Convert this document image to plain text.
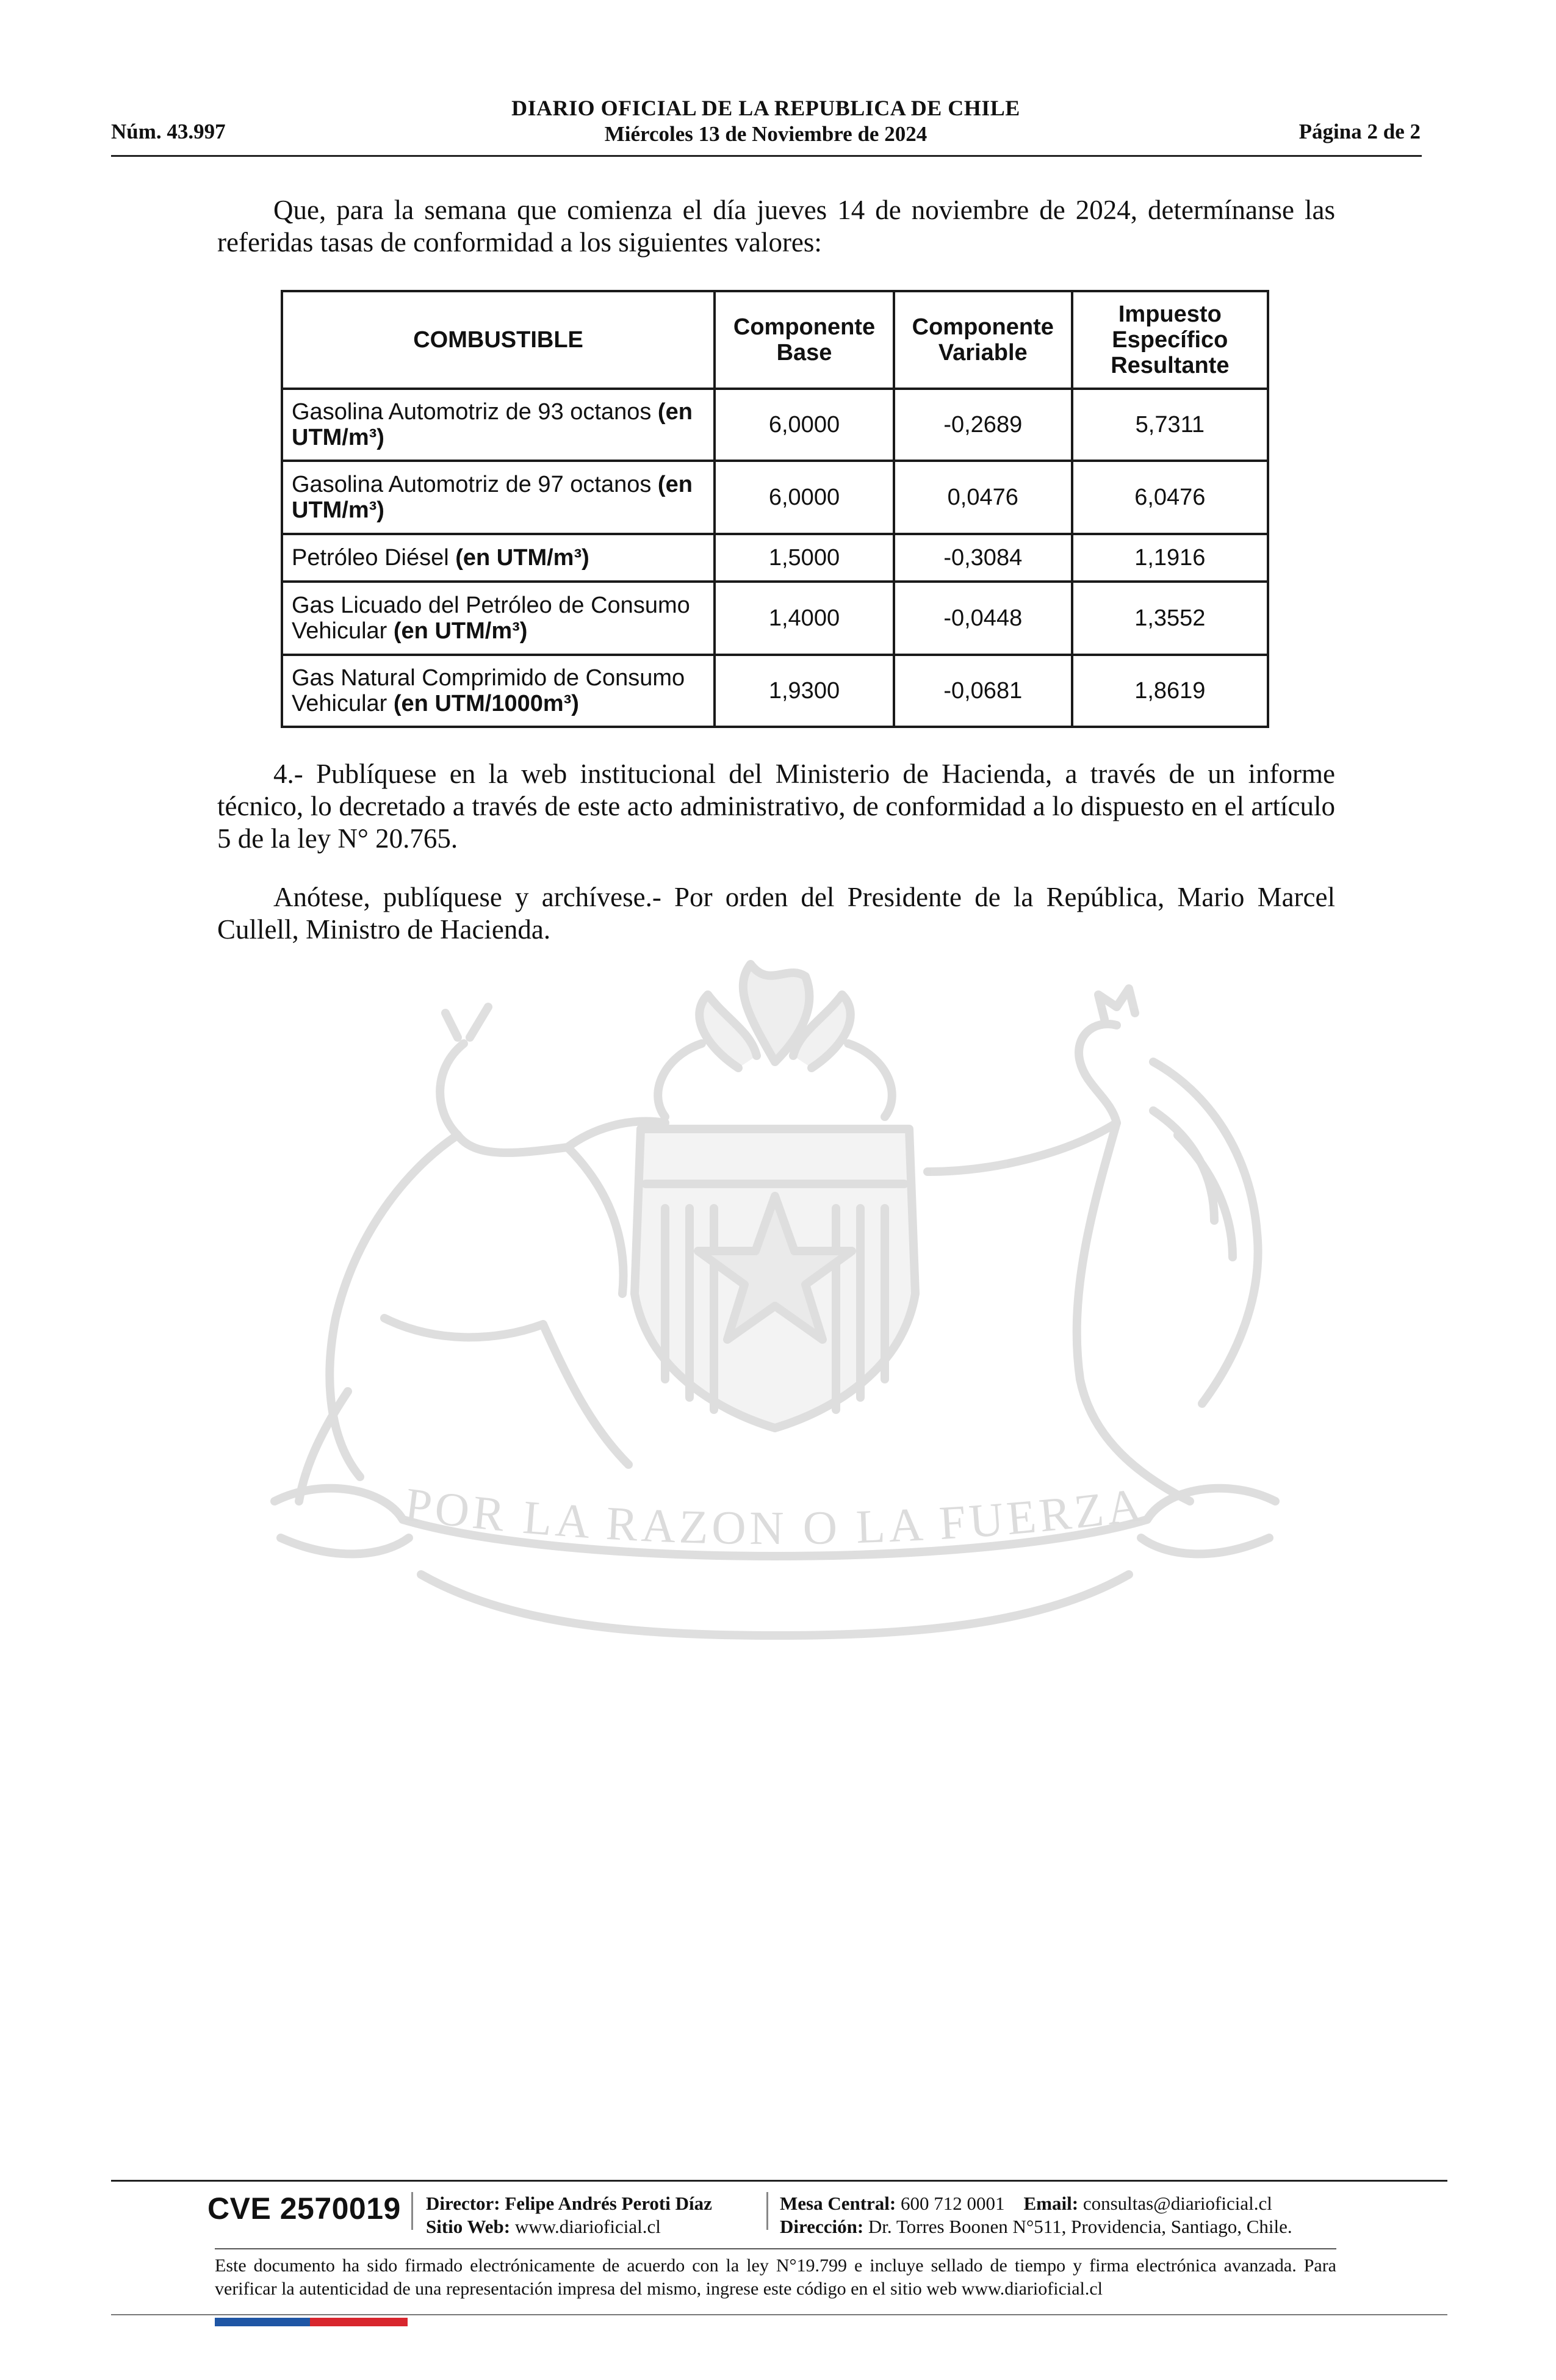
Núm. 43.997
DIARIO OFICIAL DE LA REPUBLICA DE CHILE
Miércoles 13 de Noviembre de 2024	Página 2 de 2

Que, para la semana que comienza el día jueves 14 de noviembre de 2024, determínanse las referidas tasas de conformidad a los siguientes valores:

COMBUSTIBLE	Componente Base	Componente Variable	Impuesto Específico Resultante
Gasolina Automotriz de 93 octanos (en UTM/m³)	6,0000	-0,2689	5,7311
Gasolina Automotriz de 97 octanos (en UTM/m³)	6,0000	0,0476	6,0476
Petróleo Diésel (en UTM/m³)	1,5000	-0,3084	1,1916
Gas Licuado del Petróleo de Consumo Vehicular (en UTM/m³)	1,4000	-0,0448	1,3552
Gas Natural Comprimido de Consumo Vehicular (en UTM/1000m³)	1,9300	-0,0681	1,8619

4.- Publíquese en la web institucional del Ministerio de Hacienda, a través de un informe técnico, lo decretado a través de este acto administrativo, de conformidad a lo dispuesto en el artículo 5 de la ley N° 20.765.

Anótese, publíquese y archívese.- Por orden del Presidente de la República, Mario Marcel Cullell, Ministro de Hacienda.

POR LA RAZON O LA FUERZA
CVE 2570019 Director: Felipe Andrés Peroti Díaz
Sitio Web: www.diarioficial.cl
Mesa Central: 600 712 0001 Email: consultas@diarioficial.cl
Dirección: Dr. Torres Boonen N°511, Providencia, Santiago, Chile.

Este documento ha sido firmado electrónicamente de acuerdo con la ley N°19.799 e incluye sellado de tiempo y firma electrónica avanzada. Para verificar la autenticidad de una representación impresa del mismo, ingrese este código en el sitio web www.diarioficial.cl
